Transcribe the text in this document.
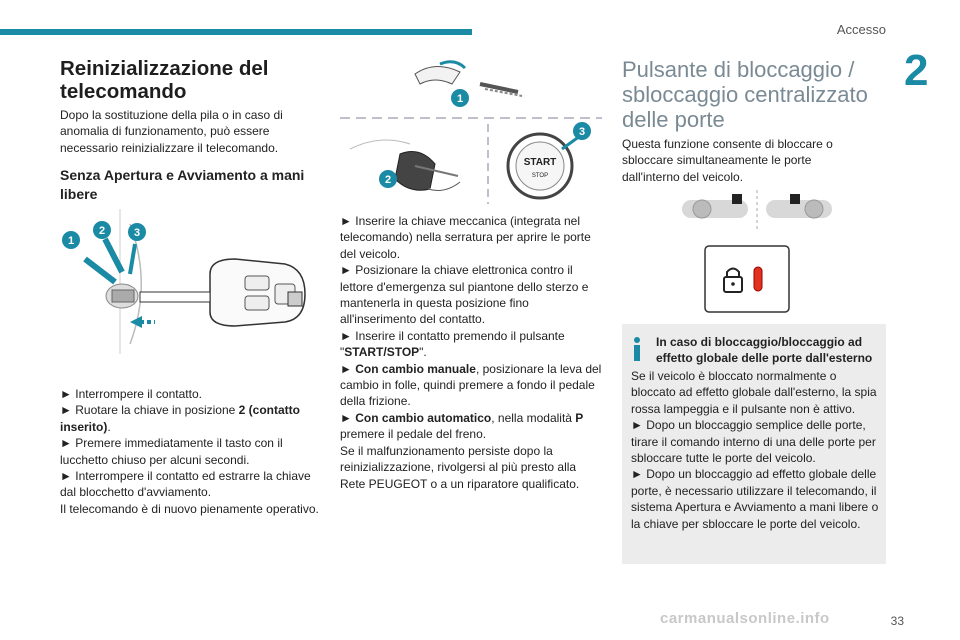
Accesso
2
Reinizializzazione del telecomando

Dopo la sostituzione della pila o in caso di anomalia di funzionamento, può essere necessario reinizializzare il telecomando.

Senza Apertura e Avviamento a mani libere
1
2	3

► Interrompere il contatto.

► Ruotare la chiave in posizione 2 (contatto inserito).

► Premere immediatamente il tasto con il lucchetto chiuso per alcuni secondi.

► Interrompere il contatto ed estrarre la chiave dal blocchetto d'avviamento.

Il telecomando è di nuovo pienamente operativo.

1
2
START
STOP
3

► Inserire la chiave meccanica (integrata nel telecomando) nella serratura per aprire le porte del veicolo.

► Posizionare la chiave elettronica contro il lettore d'emergenza sul piantone dello sterzo e mantenerla in questa posizione fino all'inserimento del contatto.

► Inserire il contatto premendo il pulsante "START/STOP".

► Con cambio manuale, posizionare la leva del cambio in folle, quindi premere a fondo il pedale della frizione.

► Con cambio automatico, nella modalità P premere il pedale del freno.

Se il malfunzionamento persiste dopo la reinizializzazione, rivolgersi al più presto alla Rete PEUGEOT o a un riparatore qualificato.

Pulsante di bloccaggio / sbloccaggio centralizzato delle porte

Questa funzione consente di bloccare o sbloccare simultaneamente le porte dall'interno del veicolo.

In caso di bloccaggio/bloccaggio ad effetto globale delle porte dall'esterno

Se il veicolo è bloccato normalmente o bloccato ad effetto globale dall'esterno, la spia rossa lampeggia e il pulsante non è attivo.

► Dopo un bloccaggio semplice delle porte, tirare il comando interno di una delle porte per sbloccare tutte le porte del veicolo.

► Dopo un bloccaggio ad effetto globale delle porte, è necessario utilizzare il telecomando, il sistema Apertura e Avviamento a mani libere o la chiave per sbloccare le porte del veicolo.

33
carmanualsonline.info
